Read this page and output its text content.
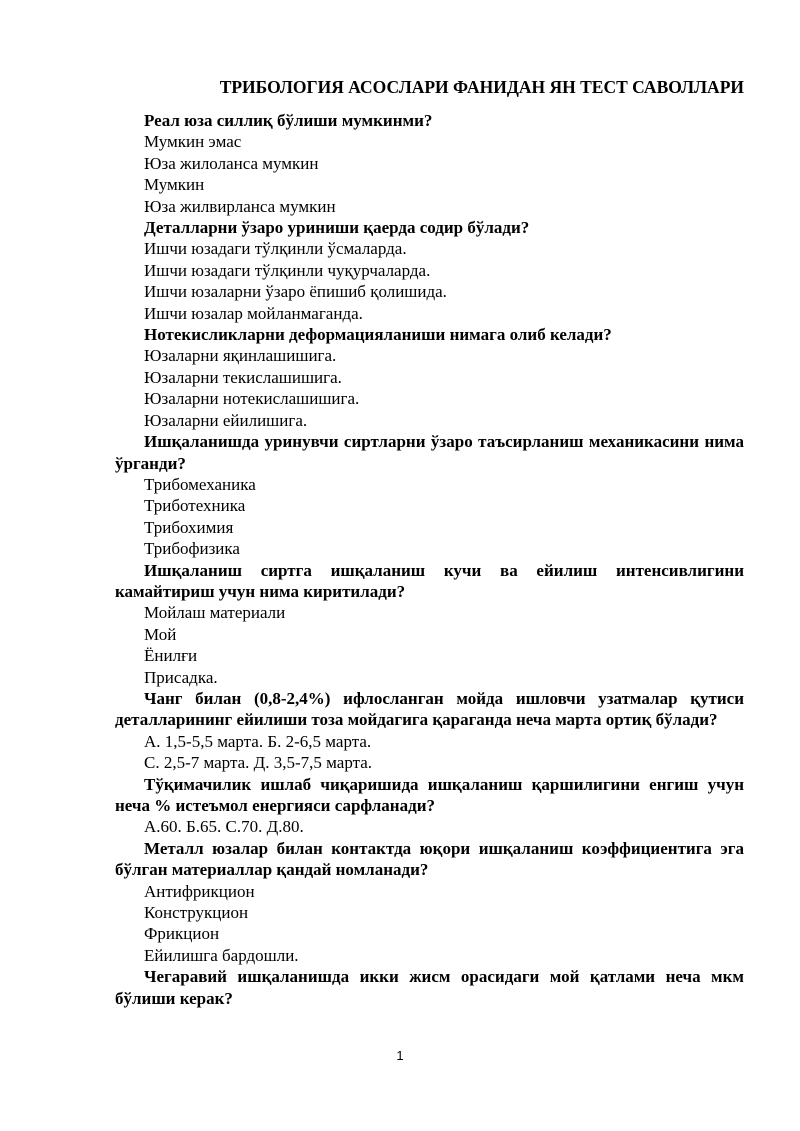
ТРИБОЛОГИЯ АСОСЛАРИ ФАНИДАН ЯН ТЕСТ САВОЛЛАРИ

Реал юза силлиқ бўлиши мумкинми?

Мумкин эмас

Юза жилоланса мумкин

Мумкин

Юза жилвирланса мумкин

Деталларни ўзаро уриниши қаерда содир бўлади?

Ишчи юзадаги тўлқинли ўсмаларда.

Ишчи юзадаги тўлқинли чуқурчаларда.

Ишчи юзаларни ўзаро ёпишиб қолишида.

Ишчи юзалар мойланмаганда.

Нотекисликларни деформацияланиши нимага олиб келади?

Юзаларни яқинлашишига.

Юзаларни текислашишига.

Юзаларни нотекислашишига.

Юзаларни ейилишига.

Ишқаланишда уринувчи сиртларни ўзаро таъсирланиш механикасини нима ўрганди?

Трибомеханика

Триботехника

Трибохимия

Трибофизика

Ишқаланиш сиртга ишқаланиш кучи ва ейилиш интенсивлигини камайтириш учун нима киритилади?

Мойлаш материали

Мой

Ёнилғи

Присадка.

Чанг билан (0,8-2,4%) ифлосланган мойда ишловчи узатмалар қутиси деталларининг ейилиши тоза мойдагига қараганда неча марта ортиқ бўлади?

А. 1,5-5,5 марта. Б. 2-6,5 марта.

С. 2,5-7 марта. Д. 3,5-7,5 марта.

Тўқимачилик ишлаб чиқаришида ишқаланиш қаршилигини енгиш учун неча % истеъмол енергияси сарфланади?

А.60. Б.65. С.70. Д.80.

Металл юзалар билан контактда юқори ишқаланиш коэффициентига эга бўлган материаллар қандай номланади?

Антифрикцион

Конструкцион

Фрикцион

Ейилишга бардошли.

Чегаравий ишқаланишда икки жисм орасидаги мой қатлами неча мкм бўлиши керак?

1
